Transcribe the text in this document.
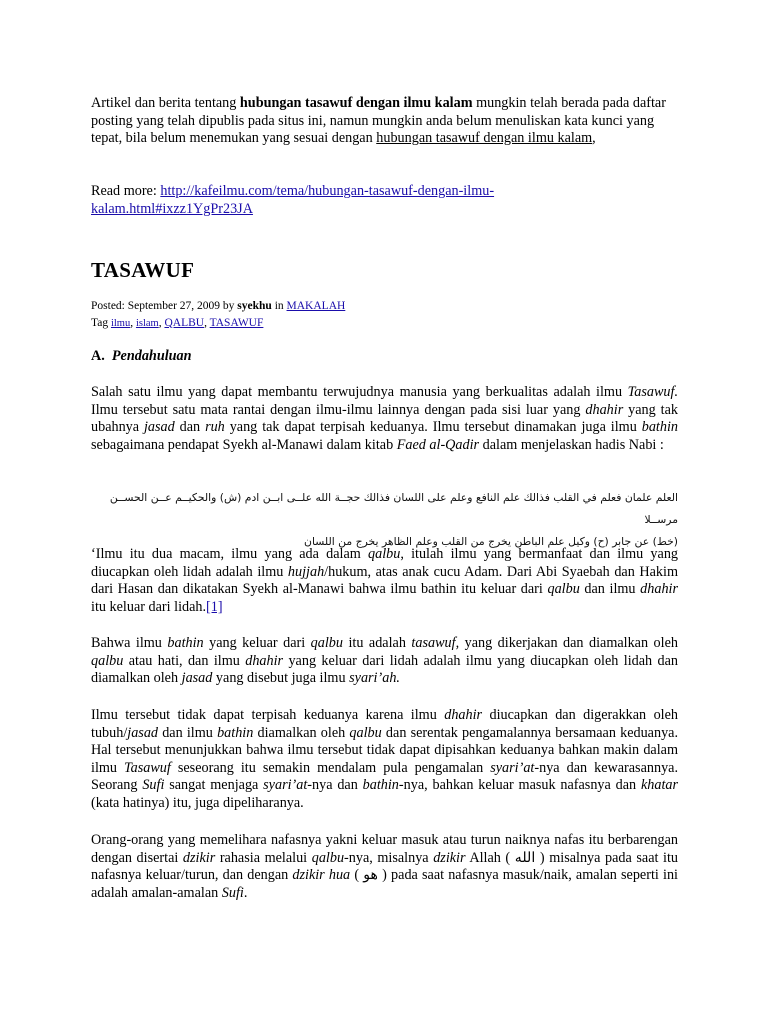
Artikel dan berita tentang hubungan tasawuf dengan ilmu kalam mungkin telah berada pada daftar posting yang telah dipublis pada situs ini, namun mungkin anda belum menuliskan kata kunci yang tepat, bila belum menemukan yang sesuai dengan hubungan tasawuf dengan ilmu kalam,

Read more: http://kafeilmu.com/tema/hubungan-tasawuf-dengan-ilmu-kalam.html#ixzz1YgPr23JA

TASAWUF

Posted: September 27, 2009 by syekhu in MAKALAH

Tag ilmu, islam, QALBU, TASAWUF

A. Pendahuluan

Salah satu ilmu yang dapat membantu terwujudnya manusia yang berkualitas adalah ilmu Tasawuf. Ilmu tersebut satu mata rantai dengan ilmu-ilmu lainnya dengan pada sisi luar yang dhahir yang tak ubahnya jasad dan ruh yang tak dapat terpisah keduanya. Ilmu tersebut dinamakan juga ilmu bathin sebagaimana pendapat Syekh al-Manawi dalam kitab Faed al-Qadir dalam menjelaskan hadis Nabi :

العلم علمان فعلم في القلب فذالك علم النافع وعلم على اللسان فذالك حجــة الله علــى ابــن ادم (ش) والحكيــم عــن الحســن مرســلا
(خط) عن جابر (ح) وكيل علم الباطن يخرج من القلب وعلم الظاهر يخرج من اللسان

‘Ilmu itu dua macam, ilmu yang ada dalam qalbu, itulah ilmu yang bermanfaat dan ilmu yang diucapkan oleh lidah adalah ilmu hujjah/hukum, atas anak cucu Adam. Dari Abi Syaebah dan Hakim dari Hasan dan dikatakan Syekh al-Manawi bahwa ilmu bathin itu keluar dari qalbu dan ilmu dhahir itu keluar dari lidah.[1]

Bahwa ilmu bathin yang keluar dari qalbu itu adalah tasawuf, yang dikerjakan dan diamalkan oleh qalbu atau hati, dan ilmu dhahir yang keluar dari lidah adalah ilmu yang diucapkan oleh lidah dan diamalkan oleh jasad yang disebut juga ilmu syari’ah.

Ilmu tersebut tidak dapat terpisah keduanya karena ilmu dhahir diucapkan dan digerakkan oleh tubuh/jasad dan ilmu bathin diamalkan oleh qalbu dan serentak pengamalannya bersamaan keduanya. Hal tersebut menunjukkan bahwa ilmu tersebut tidak dapat dipisahkan keduanya bahkan makin dalam ilmu Tasawuf seseorang itu semakin mendalam pula pengamalan syari’at-nya dan kewarasannya. Seorang Sufi sangat menjaga syari’at-nya dan bathin-nya, bahkan keluar masuk nafasnya dan khatar (kata hatinya) itu, juga dipeliharanya.

Orang-orang yang memelihara nafasnya yakni keluar masuk atau turun naiknya nafas itu berbarengan dengan disertai dzikir rahasia melalui qalbu-nya, misalnya dzikir Allah ( الله ) misalnya pada saat itu nafasnya keluar/turun, dan dengan dzikir hua ( هو ) pada saat nafasnya masuk/naik, amalan seperti ini adalah amalan-amalan Sufi.
